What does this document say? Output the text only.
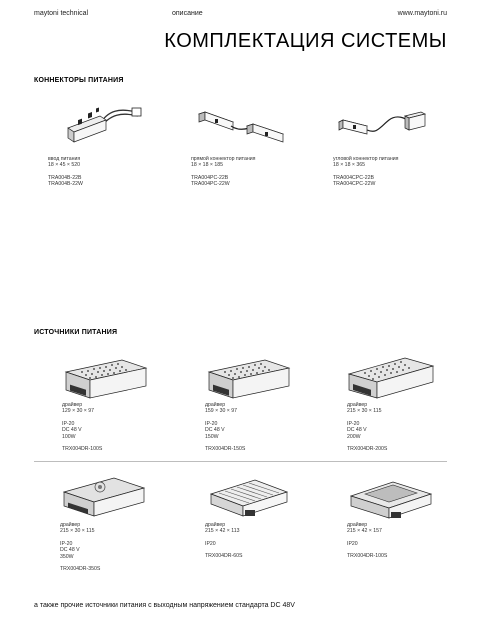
maytoni technical	описание	www.maytoni.ru
КОМПЛЕКТАЦИЯ СИСТЕМЫ
КОННЕКТОРЫ ПИТАНИЯ

ввод питания

18 × 45 × 520

TRA004B-22B

TRA004B-22W

прямой коннектор питания

18 × 18 × 185

TRA004PC-22B

TRA004PC-22W

угловой коннектор питания

18 × 18 × 365

TRA004CPC-22B

TRA004CPC-22W

ИСТОЧНИКИ ПИТАНИЯ

драйвер

129 × 30 × 97

IP-20

DC 48 V

100W

TRX004DR-100S

драйвер

159 × 30 × 97

IP-20

DC 48 V

150W

TRX004DR-150S

драйвер

215 × 30 × 115

IP-20

DC 48 V

200W

TRX004DR-200S

драйвер

215 × 30 × 115

IP-20

DC 48 V

350W

TRX004DR-350S

драйвер

215 × 42 × 113

IP20

TRX004DR-60S

драйвер

215 × 42 × 157

IP20

TRX004DR-100S

а также прочие источники питания с выходным напряжением стандарта DC 48V
